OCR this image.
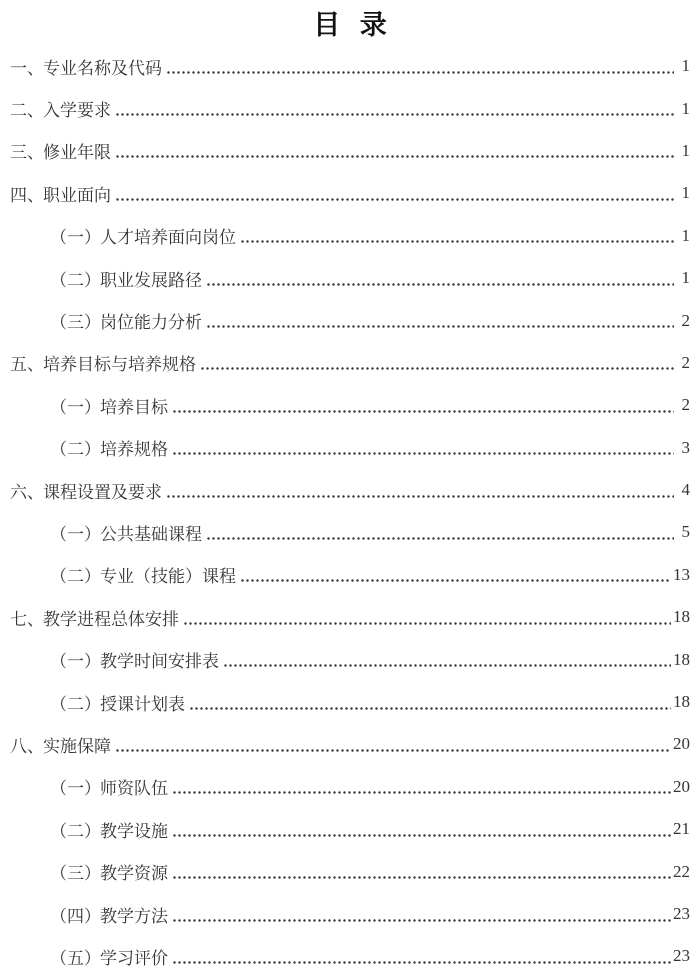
目 录
一、 专业名称及代码	1
二、 入学要求	1
三、 修业年限	1
四、 职业面向	1
（一） 人才培养面向岗位	1
（二） 职业发展路径	1
（三） 岗位能力分析	2
五、 培养目标与培养规格	2
（一） 培养目标	2
（二） 培养规格	3
六、 课程设置及要求	4
（一） 公共基础课程	5
（二） 专业（技能）课程	13
七、 教学进程总体安排	18
（一） 教学时间安排表	18
（二） 授课计划表	18
八、 实施保障	20
（一） 师资队伍	20
（二） 教学设施	21
（三） 教学资源	22
（四） 教学方法	23
（五） 学习评价	23
